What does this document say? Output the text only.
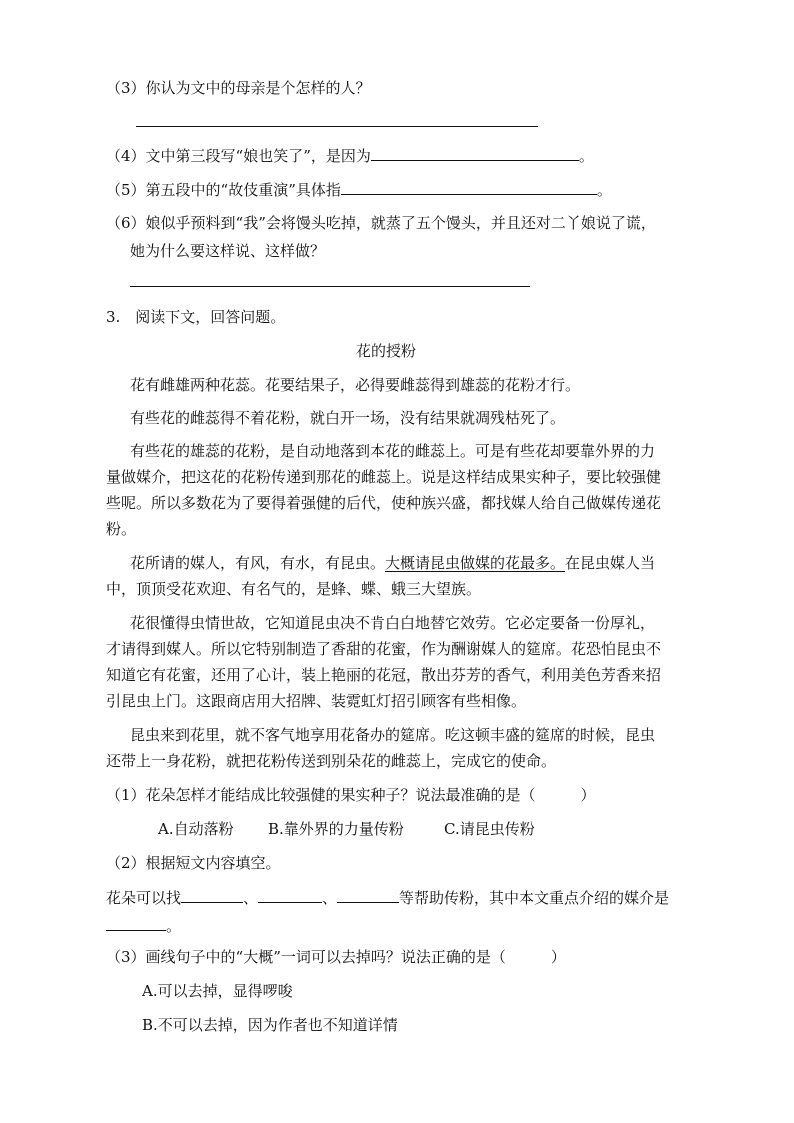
（3）你认为文中的母亲是个怎样的人？
（4）文中第三段写“娘也笑了”，是因为	。
（5）第五段中的“故伎重演”具体指	。
（6）娘似乎预料到“我”会将馒头吃掉，就蒸了五个馒头，并且还对二丫娘说了谎，
她为什么要这样说、这样做？
3.　阅读下文，回答问题。
花的授粉
花有雌雄两种花蕊。花要结果子，必得要雌蕊得到雄蕊的花粉才行。
有些花的雌蕊得不着花粉，就白开一场，没有结果就凋残枯死了。
有些花的雄蕊的花粉，是自动地落到本花的雌蕊上。可是有些花却要靠外界的力
量做媒介，把这花的花粉传递到那花的雌蕊上。说是这样结成果实种子，要比较强健
些呢。所以多数花为了要得着强健的后代，使种族兴盛，都找媒人给自己做媒传递花
粉。
花所请的媒人，有风，有水，有昆虫。大概请昆虫做媒的花最多。在昆虫媒人当
中，顶顶受花欢迎、有名气的，是蜂、蝶、蛾三大望族。
花很懂得虫情世故，它知道昆虫决不肯白白地替它效劳。它必定要备一份厚礼，
才请得到媒人。所以它特别制造了香甜的花蜜，作为酬谢媒人的筵席。花恐怕昆虫不
知道它有花蜜，还用了心计，装上艳丽的花冠，散出芬芳的香气，利用美色芳香来招
引昆虫上门。这跟商店用大招牌、装霓虹灯招引顾客有些相像。
昆虫来到花里，就不客气地享用花备办的筵席。吃这顿丰盛的筵席的时候，昆虫
还带上一身花粉，就把花粉传送到别朵花的雌蕊上，完成它的使命。
（1）花朵怎样才能结成比较强健的果实种子？说法最准确的是（　　　）
A.自动落粉 B.靠外界的力量传粉	C.请昆虫传粉
（2）根据短文内容填空。
花朵可以找	、	、	等帮助传粉，其中本文重点介绍的媒介是
。
（3）画线句子中的“大概”一词可以去掉吗？说法正确的是（　　　）
A.可以去掉，显得啰唆
B.不可以去掉，因为作者也不知道详情
